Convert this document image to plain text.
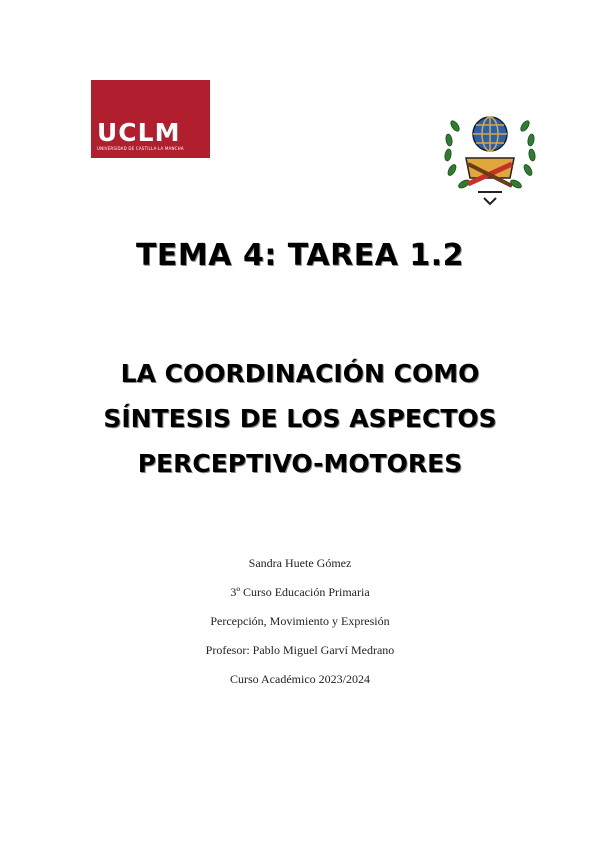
UCLM
UNIVERSIDAD DE CASTILLA-LA MANCHA
TEMA 4: TAREA 1.2
LA COORDINACIÓN COMO
SÍNTESIS DE LOS ASPECTOS
PERCEPTIVO-MOTORES
Sandra Huete Gómez
3º Curso Educación Primaria
Percepción, Movimiento y Expresión
Profesor: Pablo Miguel Garví Medrano
Curso Académico 2023/2024
